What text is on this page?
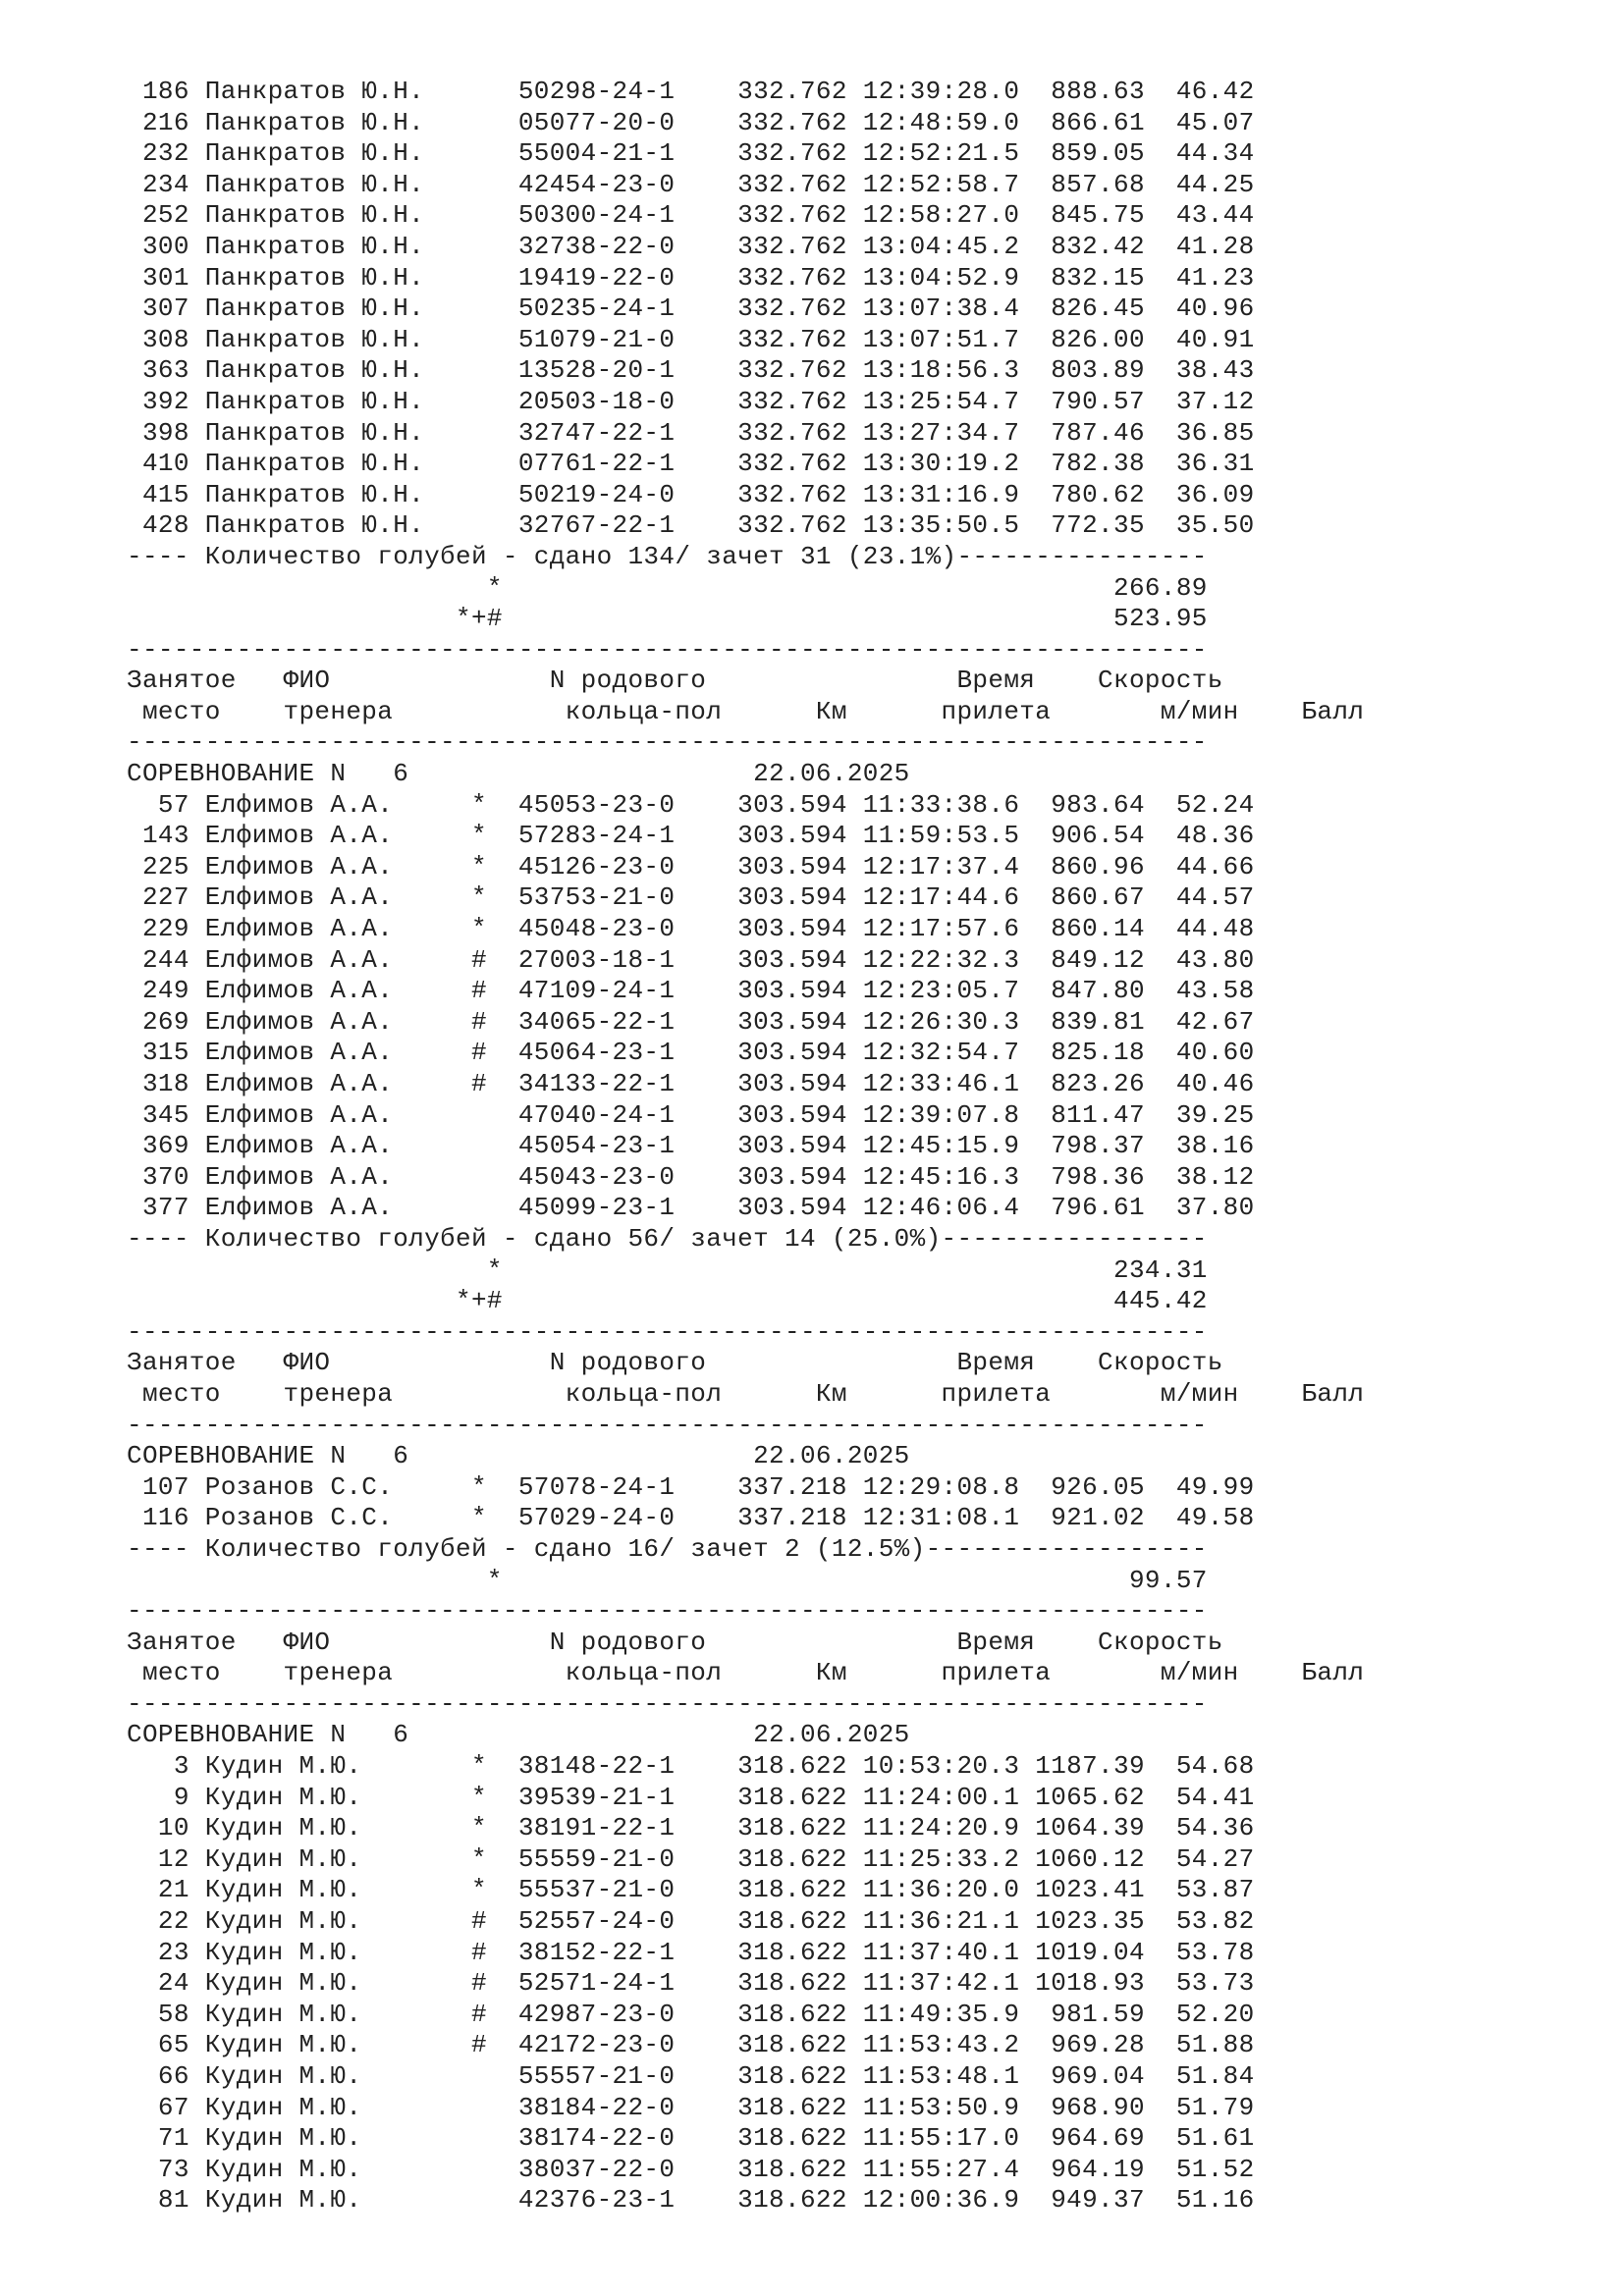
186 Панкратов Ю.Н.      50298-24-1    332.762 12:39:28.0  888.63  46.42
216 Панкратов Ю.Н.      05077-20-0    332.762 12:48:59.0  866.61  45.07
232 Панкратов Ю.Н.      55004-21-1    332.762 12:52:21.5  859.05  44.34
234 Панкратов Ю.Н.      42454-23-0    332.762 12:52:58.7  857.68  44.25
252 Панкратов Ю.Н.      50300-24-1    332.762 12:58:27.0  845.75  43.44
300 Панкратов Ю.Н.      32738-22-0    332.762 13:04:45.2  832.42  41.28
301 Панкратов Ю.Н.      19419-22-0    332.762 13:04:52.9  832.15  41.23
307 Панкратов Ю.Н.      50235-24-1    332.762 13:07:38.4  826.45  40.96
308 Панкратов Ю.Н.      51079-21-0    332.762 13:07:51.7  826.00  40.91
363 Панкратов Ю.Н.      13528-20-1    332.762 13:18:56.3  803.89  38.43
392 Панкратов Ю.Н.      20503-18-0    332.762 13:25:54.7  790.57  37.12
398 Панкратов Ю.Н.      32747-22-1    332.762 13:27:34.7  787.46  36.85
410 Панкратов Ю.Н.      07761-22-1    332.762 13:30:19.2  782.38  36.31
415 Панкратов Ю.Н.      50219-24-0    332.762 13:31:16.9  780.62  36.09
428 Панкратов Ю.Н.      32767-22-1    332.762 13:35:50.5  772.35  35.50
---- Количество голубей - сдано 134/ зачет 31 (23.1%)----------------
*                                       266.89
*+#                                       523.95
---------------------------------------------------------------------
Занятое   ФИО              N родового                Время    Скорость
место    тренера           кольца-пол      Км      прилета       м/мин    Балл
---------------------------------------------------------------------
СОРЕВНОВАНИЕ N   6                      22.06.2025
57 Елфимов А.А.     *  45053-23-0    303.594 11:33:38.6  983.64  52.24
143 Елфимов А.А.     *  57283-24-1    303.594 11:59:53.5  906.54  48.36
225 Елфимов А.А.     *  45126-23-0    303.594 12:17:37.4  860.96  44.66
227 Елфимов А.А.     *  53753-21-0    303.594 12:17:44.6  860.67  44.57
229 Елфимов А.А.     *  45048-23-0    303.594 12:17:57.6  860.14  44.48
244 Елфимов А.А.     #  27003-18-1    303.594 12:22:32.3  849.12  43.80
249 Елфимов А.А.     #  47109-24-1    303.594 12:23:05.7  847.80  43.58
269 Елфимов А.А.     #  34065-22-1    303.594 12:26:30.3  839.81  42.67
315 Елфимов А.А.     #  45064-23-1    303.594 12:32:54.7  825.18  40.60
318 Елфимов А.А.     #  34133-22-1    303.594 12:33:46.1  823.26  40.46
345 Елфимов А.А.        47040-24-1    303.594 12:39:07.8  811.47  39.25
369 Елфимов А.А.        45054-23-1    303.594 12:45:15.9  798.37  38.16
370 Елфимов А.А.        45043-23-0    303.594 12:45:16.3  798.36  38.12
377 Елфимов А.А.        45099-23-1    303.594 12:46:06.4  796.61  37.80
---- Количество голубей - сдано 56/ зачет 14 (25.0%)-----------------
*                                       234.31
*+#                                       445.42
---------------------------------------------------------------------
Занятое   ФИО              N родового                Время    Скорость
место    тренера           кольца-пол      Км      прилета       м/мин    Балл
---------------------------------------------------------------------
СОРЕВНОВАНИЕ N   6                      22.06.2025
107 Розанов С.С.     *  57078-24-1    337.218 12:29:08.8  926.05  49.99
116 Розанов С.С.     *  57029-24-0    337.218 12:31:08.1  921.02  49.58
---- Количество голубей - сдано 16/ зачет 2 (12.5%)------------------
*                                        99.57
---------------------------------------------------------------------
Занятое   ФИО              N родового                Время    Скорость
место    тренера           кольца-пол      Км      прилета       м/мин    Балл
---------------------------------------------------------------------
СОРЕВНОВАНИЕ N   6                      22.06.2025
3 Кудин М.Ю.       *  38148-22-1    318.622 10:53:20.3 1187.39  54.68
9 Кудин М.Ю.       *  39539-21-1    318.622 11:24:00.1 1065.62  54.41
10 Кудин М.Ю.       *  38191-22-1    318.622 11:24:20.9 1064.39  54.36
12 Кудин М.Ю.       *  55559-21-0    318.622 11:25:33.2 1060.12  54.27
21 Кудин М.Ю.       *  55537-21-0    318.622 11:36:20.0 1023.41  53.87
22 Кудин М.Ю.       #  52557-24-0    318.622 11:36:21.1 1023.35  53.82
23 Кудин М.Ю.       #  38152-22-1    318.622 11:37:40.1 1019.04  53.78
24 Кудин М.Ю.       #  52571-24-1    318.622 11:37:42.1 1018.93  53.73
58 Кудин М.Ю.       #  42987-23-0    318.622 11:49:35.9  981.59  52.20
65 Кудин М.Ю.       #  42172-23-0    318.622 11:53:43.2  969.28  51.88
66 Кудин М.Ю.          55557-21-0    318.622 11:53:48.1  969.04  51.84
67 Кудин М.Ю.          38184-22-0    318.622 11:53:50.9  968.90  51.79
71 Кудин М.Ю.          38174-22-0    318.622 11:55:17.0  964.69  51.61
73 Кудин М.Ю.          38037-22-0    318.622 11:55:27.4  964.19  51.52
81 Кудин М.Ю.          42376-23-1    318.622 12:00:36.9  949.37  51.16
